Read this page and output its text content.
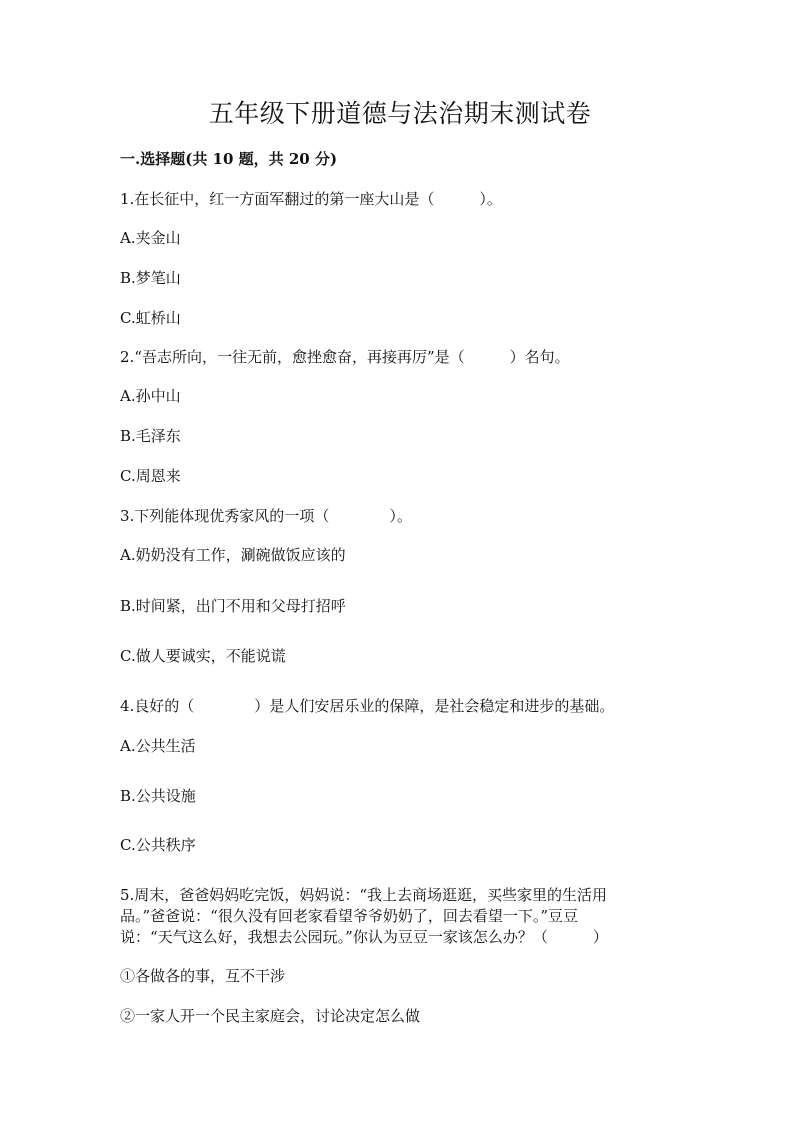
五年级下册道德与法治期末测试卷
一.选择题(共 10 题，共 20 分)
1.在长征中，红一方面军翻过的第一座大山是（　　　）。
A.夹金山
B.梦笔山
C.虹桥山
2.“吾志所向，一往无前，愈挫愈奋，再接再厉”是（　　　）名句。
A.孙中山
B.毛泽东
C.周恩来
3.下列能体现优秀家风的一项（　　　　）。
A.奶奶没有工作，涮碗做饭应该的
B.时间紧，出门不用和父母打招呼
C.做人要诚实，不能说谎
4.良好的（　　　　）是人们安居乐业的保障，是社会稳定和进步的基础。
A.公共生活
B.公共设施
C.公共秩序
5.周末，爸爸妈妈吃完饭，妈妈说：“我上去商场逛逛，买些家里的生活用
品。”爸爸说：“很久没有回老家看望爷爷奶奶了，回去看望一下。”豆豆
说：“天气这么好，我想去公园玩。”你认为豆豆一家该怎么办？（　　　）
①各做各的事，互不干涉
②一家人开一个民主家庭会，讨论决定怎么做
